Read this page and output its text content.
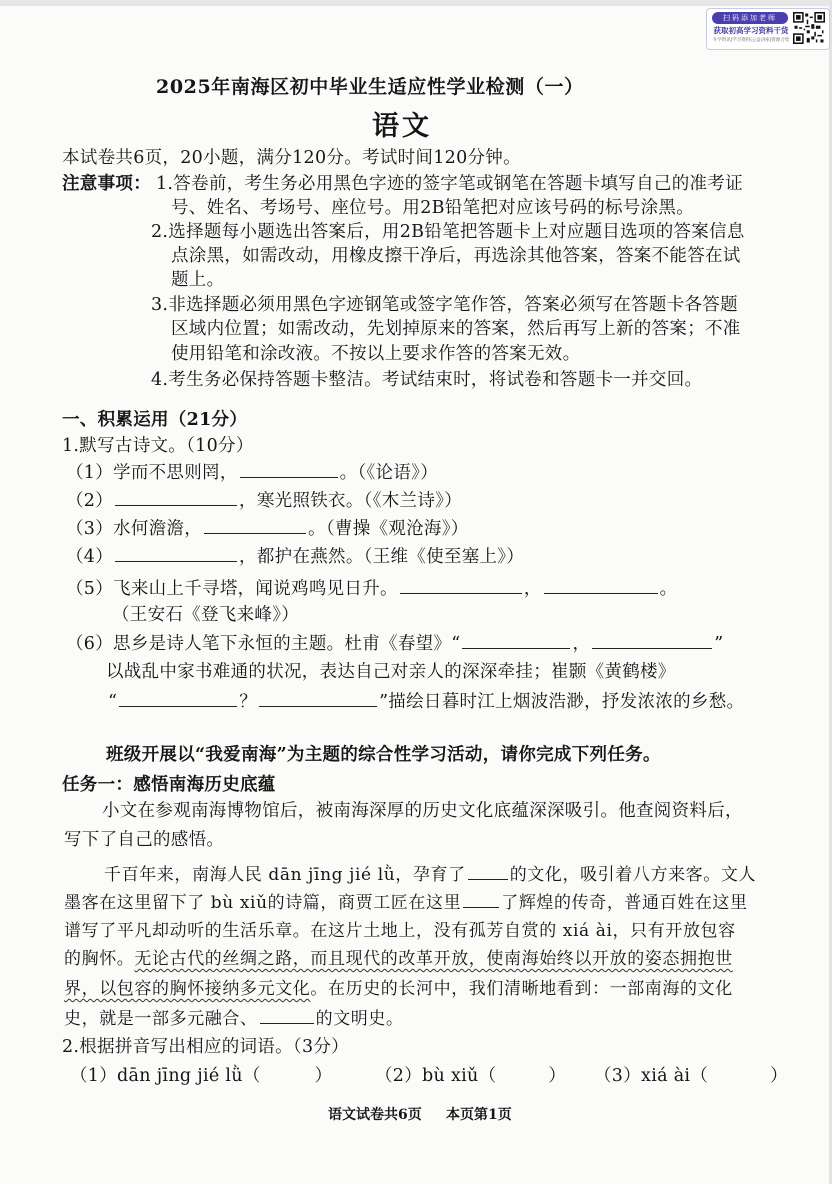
扫码添加老师
获取初高学习资料干货
升学资讯|学习资料|公益讲座|资源合集
2025年南海区初中毕业生适应性学业检测（一）
语文
本试卷共6页，20小题，满分120分。考试时间120分钟。
注意事项： 1.答卷前，考生务必用黑色字迹的签字笔或钢笔在答题卡填写自己的准考证
号、姓名、考场号、座位号。用2B铅笔把对应该号码的标号涂黑。
2.选择题每小题选出答案后，用2B铅笔把答题卡上对应题目选项的答案信息
点涂黑，如需改动，用橡皮擦干净后，再选涂其他答案，答案不能答在试
题上。
3.非选择题必须用黑色字迹钢笔或签字笔作答，答案必须写在答题卡各答题
区域内位置；如需改动，先划掉原来的答案，然后再写上新的答案；不准
使用铅笔和涂改液。不按以上要求作答的答案无效。
4.考生务必保持答题卡整洁。考试结束时，将试卷和答题卡一并交回。
一、积累运用（21分）
1.默写古诗文。（10分）
（1）学而不思则罔，	。（《论语》）
（2）	，寒光照铁衣。（《木兰诗》）
（3）水何澹澹，	。（曹操《观沧海》）
（4）	，都护在燕然。（王维《使至塞上》）
（5）飞来山上千寻塔，闻说鸡鸣见日升。	，	。
（王安石《登飞来峰》）
（6）思乡是诗人笔下永恒的主题。杜甫《春望》“	，	”
以战乱中家书难通的状况，表达自己对亲人的深深牵挂；崔颢《黄鹤楼》
“	？	”描绘日暮时江上烟波浩渺，抒发浓浓的乡愁。
班级开展以“我爱南海”为主题的综合性学习活动，请你完成下列任务。
任务一：感悟南海历史底蕴
小文在参观南海博物馆后，被南海深厚的历史文化底蕴深深吸引。他查阅资料后，
写下了自己的感悟。
千百年来，南海人民 dān jīng jié lǜ，孕育了	的文化，吸引着八方来客。文人
墨客在这里留下了 bù xiǔ的诗篇，商贾工匠在这里 了辉煌的传奇，普通百姓在这里
谱写了平凡却动听的生活乐章。在这片土地上，没有孤芳自赏的 xiá ài，只有开放包容
的胸怀。无论古代的丝绸之路，而且现代的改革开放，使南海始终以开放的姿态拥抱世
界，以包容的胸怀接纳多元文化。在历史的长河中，我们清晰地看到：一部南海的文化
史，就是一部多元融合、	的文明史。
2.根据拼音写出相应的词语。（3分）
（1）dān jīng jié lǜ（	） （2）bù xiǔ（	） （3）xiá ài（	）
语文试卷共6页 本页第1页
